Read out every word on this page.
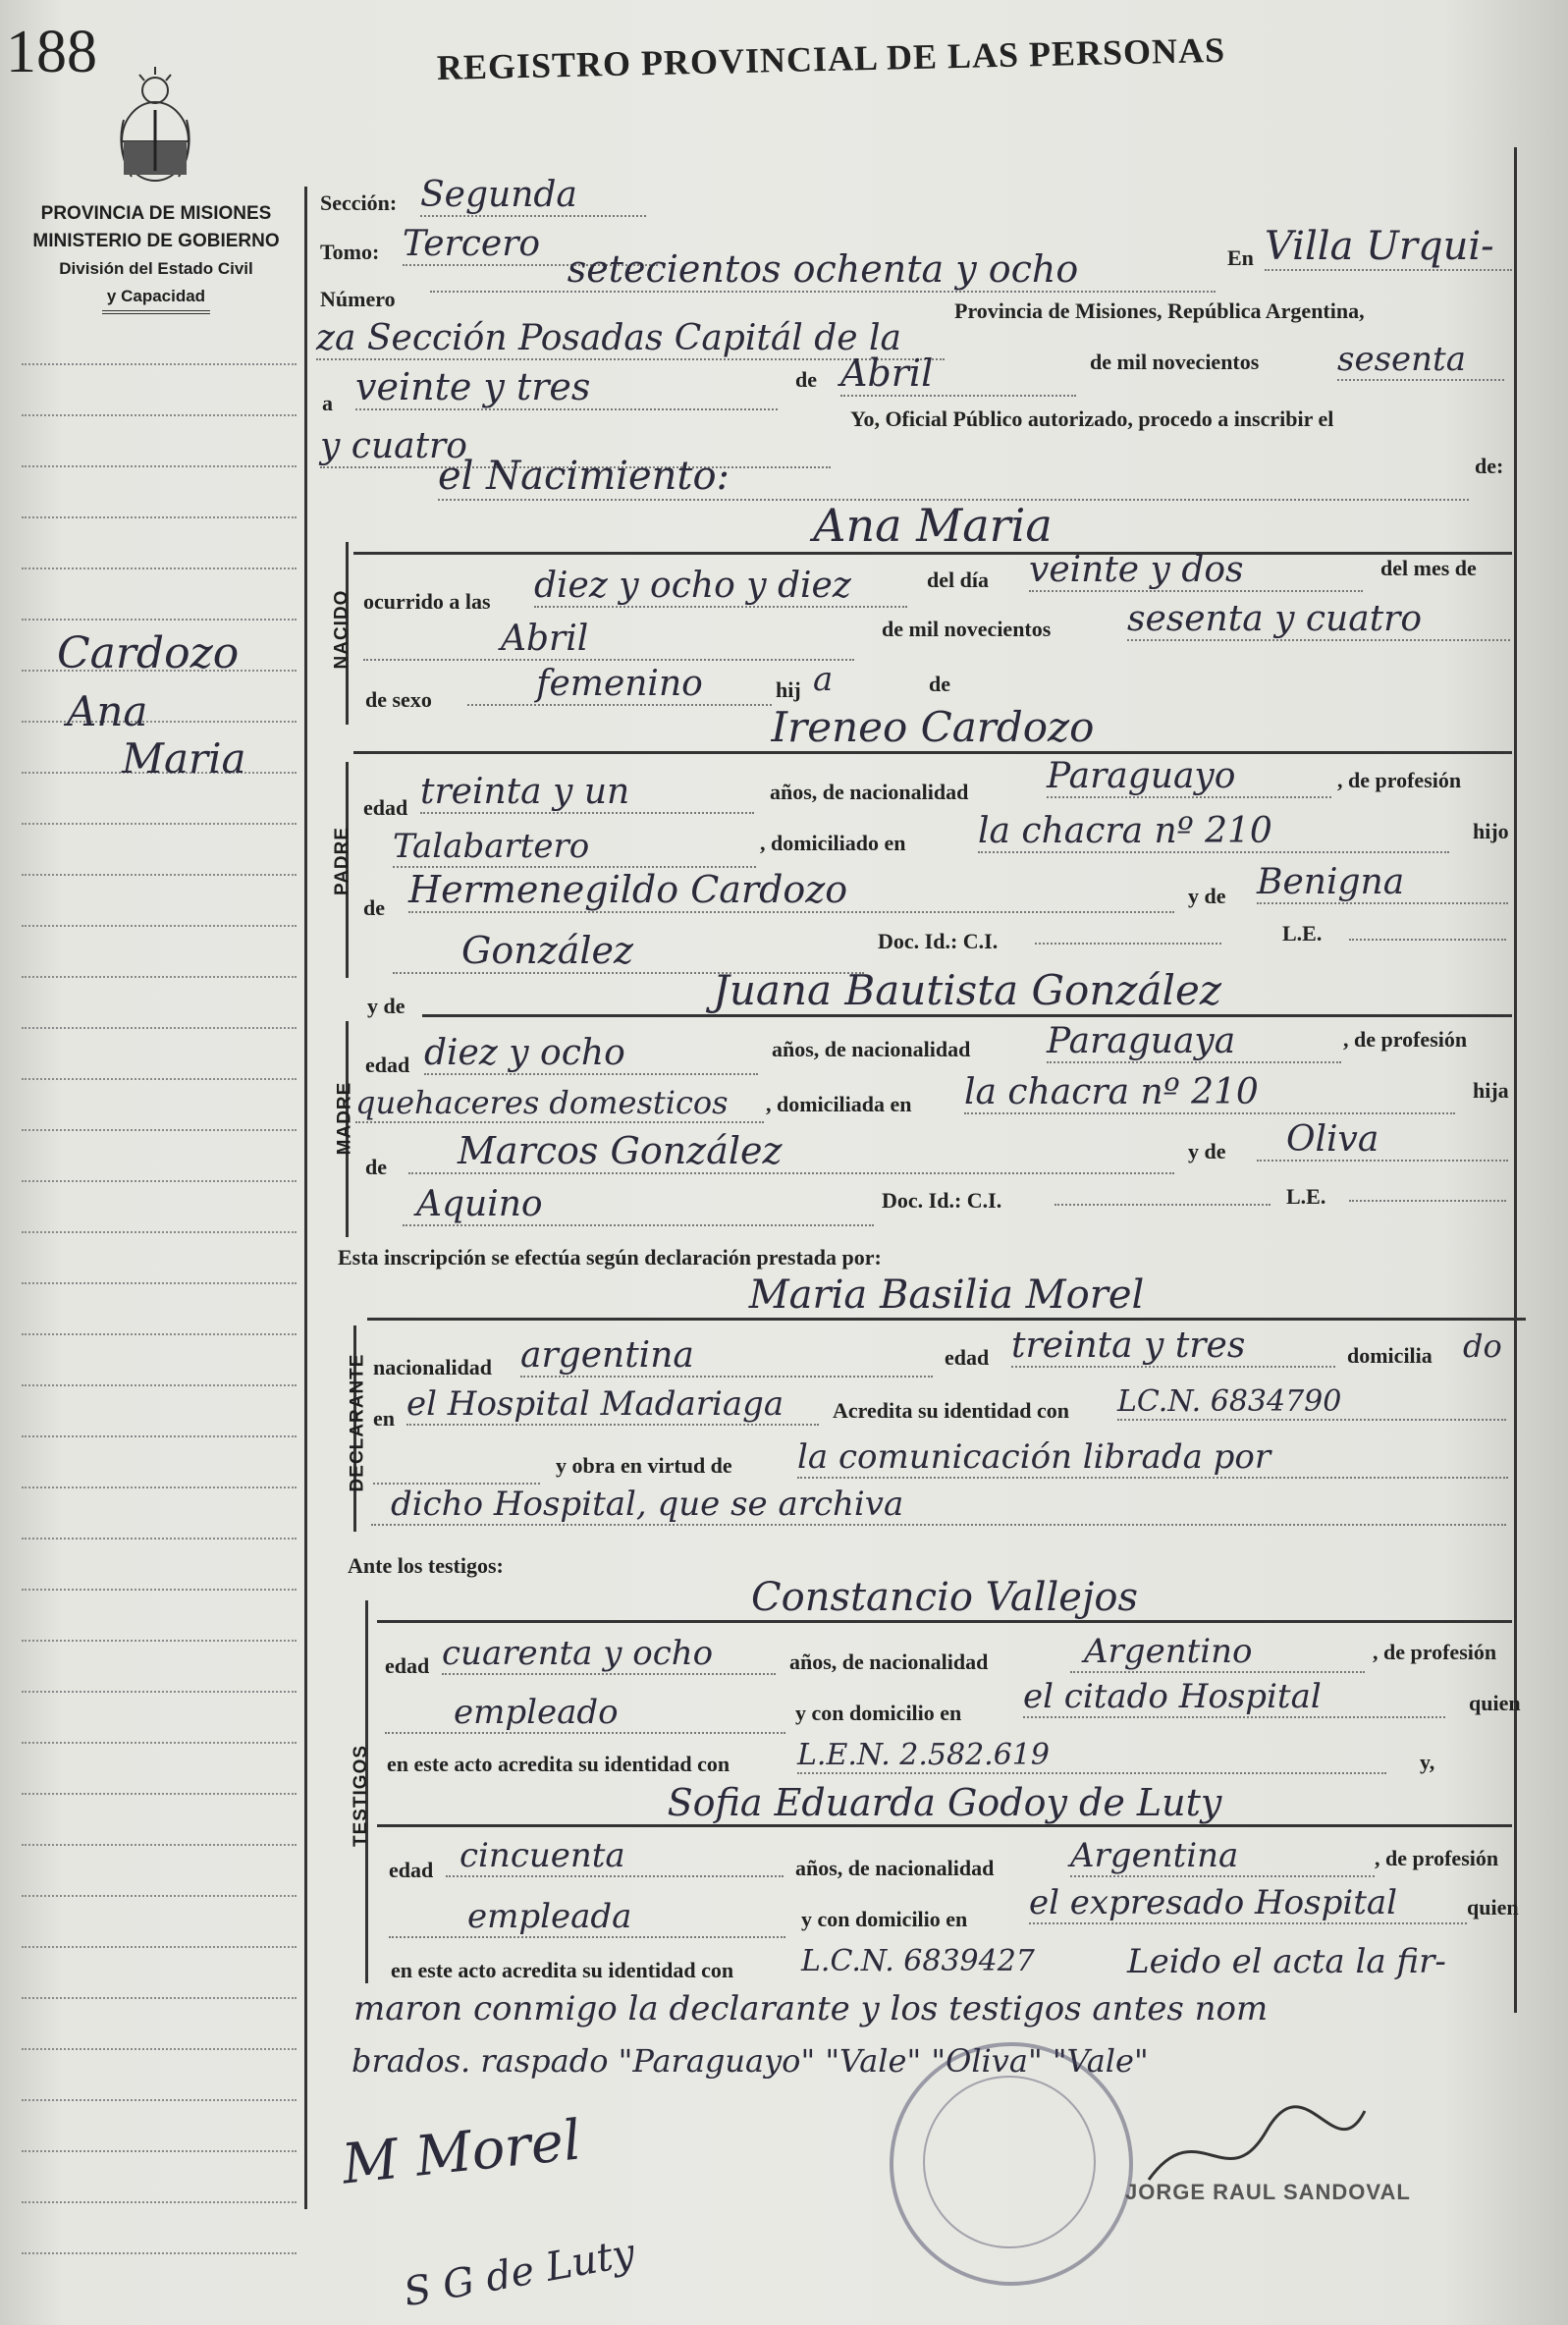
188	REGISTRO PROVINCIAL DE LAS PERSONAS
PROVINCIA DE MISIONES
MINISTERIO DE GOBIERNO
División del Estado Civil
y Capacidad
Cardozo
Ana
Maria
Sección: Segunda
Tomo: Tercero
Número
setecientos ochenta y ocho	En Villa Urqui-
za Sección Posadas Capitál de la
Provincia de Misiones, República Argentina,
a veinte y tres	de Abril	de mil novecientos sesenta
y cuatro
Yo, Oficial Público autorizado, procedo a inscribir el
el Nacimiento:	de:
Ana Maria
NACIDO ocurrido a las diez y ocho y diez	del día veinte y dos	del mes de
Abril	de mil novecientos sesenta y cuatro
de sexo	femenino	hij a	de
Ireneo Cardozo
PADRE
edad treinta y un	años, de nacionalidad Paraguayo	, de profesión
Talabartero	, domiciliado en la chacra nº 210	hijo
de Hermenegildo Cardozo	y de Benigna
González	Doc. Id.: C.I.	L.E.
y de	Juana Bautista González
MADRE
edad diez y ocho	años, de nacionalidad Paraguaya	, de profesión
quehaceres domesticos	, domiciliada en la chacra nº 210	hija
de	Marcos González	y de	Oliva
Aquino	Doc. Id.: C.I.	L.E.
Esta inscripción se efectúa según declaración prestada por:
Maria Basilia Morel
DECLARANTE nacionalidad argentina	edad treinta y tres	domicilia do
en el Hospital Madariaga	Acredita su identidad con LC.N. 6834790
y obra en virtud de la comunicación librada por
dicho Hospital, que se archiva
Ante los testigos:
Constancio Vallejos
TESTIGOS
edad cuarenta y ocho	años, de nacionalidad	Argentino	, de profesión
empleado	y con domicilio en el citado Hospital	quien
en este acto acredita su identidad con L.E.N. 2.582.619	y,
Sofia Eduarda Godoy de Luty
edad cincuenta	años, de nacionalidad Argentina	, de profesión
empleada	y con domicilio en el expresado Hospital	quien
en este acto acredita su identidad con L.C.N. 6839427	Leido el acta la fir-
maron conmigo la declarante y los testigos antes nom
brados. raspado "Paraguayo" "Vale" "Oliva" "Vale"
JORGE RAUL SANDOVAL
M Morel
S G de Luty
